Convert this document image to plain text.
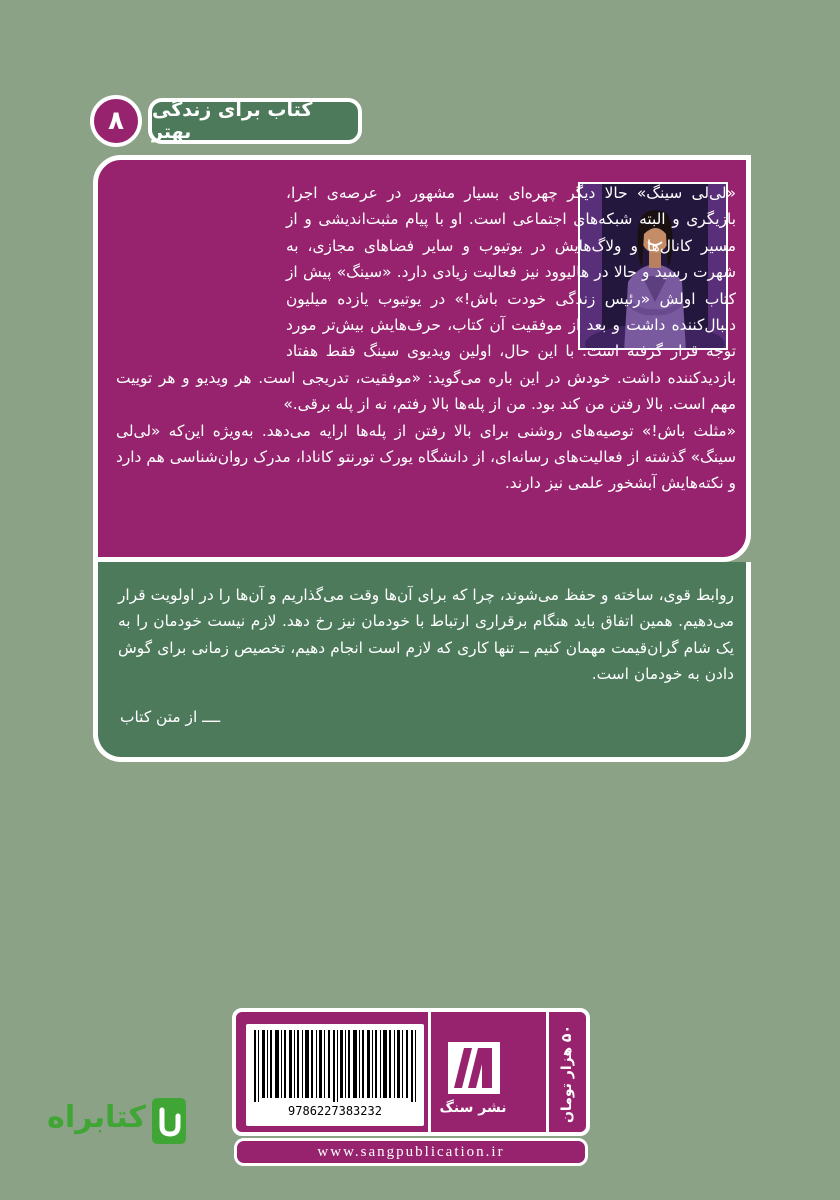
۸	کتاب برای زندگی بهتر
«لی‌لی سینگ» حالا دیگر چهره‌ای بسیار مشهور در عرصه‌ی اجرا، بازیگری و البته شبکه‌های اجتماعی است. او با پیام مثبت‌اندیشی و از مسیر کانال‌ها و ولاگ‌هایش در یوتیوب و سایر فضاهای مجازی، به شهرت رسید و حالا در هالیوود نیز فعالیت زیادی دارد. «سینگ» پیش از کتاب اولش «رئیس زندگی خودت باش!» در یوتیوب یازده میلیون دنبال‌کننده داشت و بعد از موفقیت آن کتاب، حرف‌هایش بیش‌تر مورد توجه قرار گرفته است. با این حال، اولین ویدیوی سینگ فقط هفتاد بازدیدکننده داشت. خودش در این باره می‌گوید: «موفقیت، تدریجی است. هر ویدیو و هر توییت مهم است. بالا رفتن من کند بود. من از پله‌ها بالا رفتم، نه از پله برقی.»
«مثلث باش!» توصیه‌های روشنی برای بالا رفتن از پله‌ها ارایه می‌دهد. به‌ویژه این‌که «لی‌لی سینگ» گذشته از فعالیت‌های رسانه‌ای، از دانشگاه یورک تورنتو کانادا، مدرک روان‌شناسی هم دارد و نکته‌هایش آبشخور علمی نیز دارند.
روابط قوی، ساخته و حفظ می‌شوند، چرا که برای آن‌ها وقت می‌گذاریم و آن‌ها را در اولویت قرار می‌دهیم. همین اتفاق باید هنگام برقراری ارتباط با خودمان نیز رخ دهد. لازم نیست خودمان را به یک شام گران‌قیمت مهمان کنیم ــ تنها کاری که لازم است انجام دهیم، تخصیص زمانی برای گوش دادن به خودمان است.
ــــ از متن کتاب
9786227383232	نشر سنگ	۵۰ هزار تومان
www.sangpublication.ir
کتابراه
